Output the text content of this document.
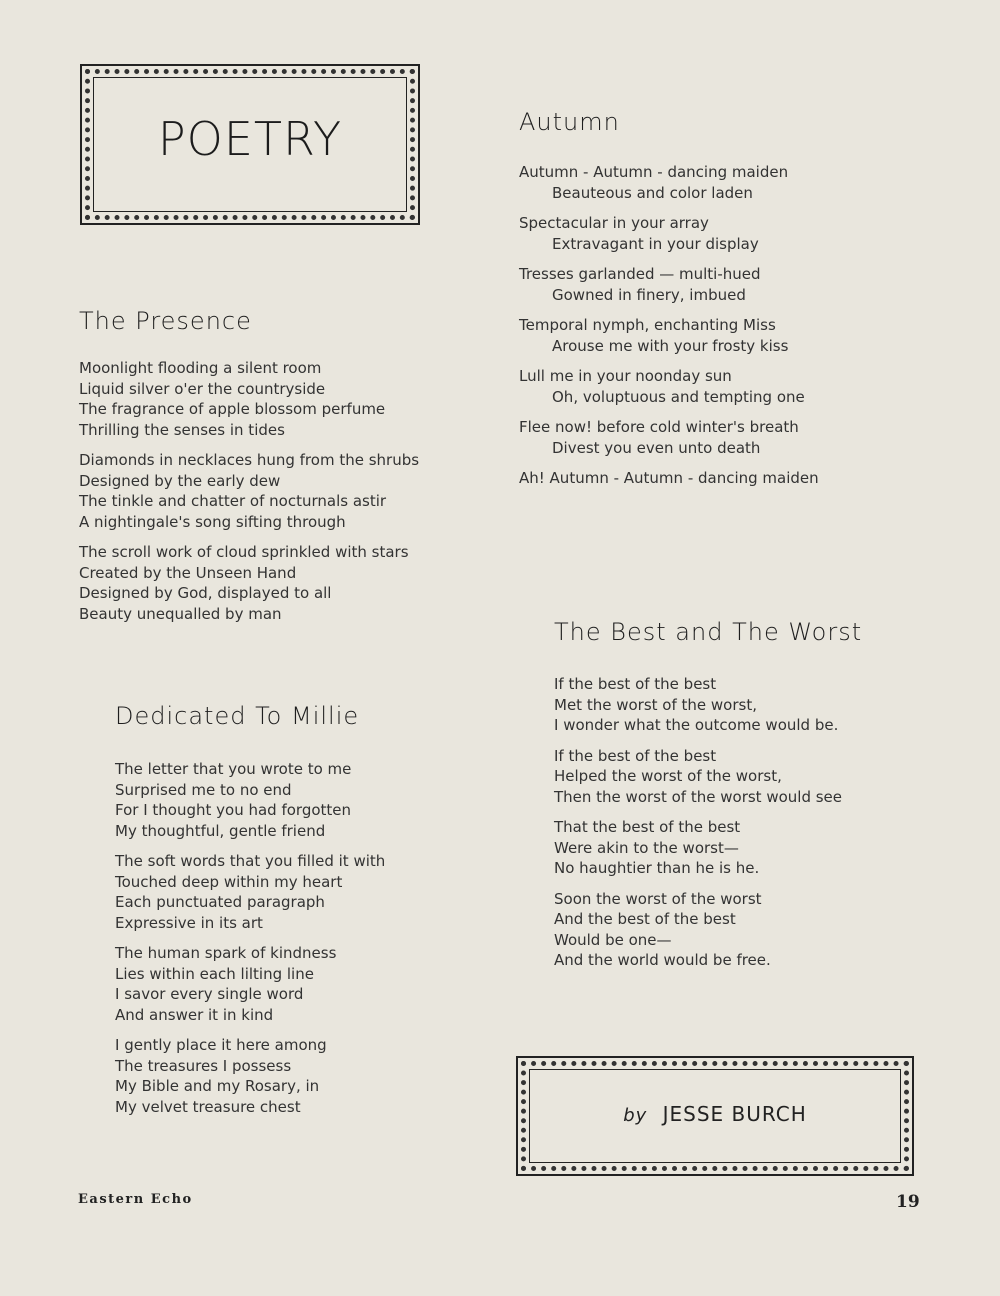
POETRY
The Presence
Moonlight flooding a silent room
Liquid silver o'er the countryside
The fragrance of apple blossom perfume
Thrilling the senses in tides
Diamonds in necklaces hung from the shrubs
Designed by the early dew
The tinkle and chatter of nocturnals astir
A nightingale's song sifting through
The scroll work of cloud sprinkled with stars
Created by the Unseen Hand
Designed by God, displayed to all
Beauty unequalled by man
Dedicated To Millie
The letter that you wrote to me
Surprised me to no end
For I thought you had forgotten
My thoughtful, gentle friend
The soft words that you filled it with
Touched deep within my heart
Each punctuated paragraph
Expressive in its art
The human spark of kindness
Lies within each lilting line
I savor every single word
And answer it in kind
I gently place it here among
The treasures I possess
My Bible and my Rosary, in
My velvet treasure chest
Autumn
Autumn - Autumn - dancing maiden
Beauteous and color laden
Spectacular in your array
Extravagant in your display
Tresses garlanded — multi-hued
Gowned in finery, imbued
Temporal nymph, enchanting Miss
Arouse me with your frosty kiss
Lull me in your noonday sun
Oh, voluptuous and tempting one
Flee now! before cold winter's breath
Divest you even unto death
Ah! Autumn - Autumn - dancing maiden
The Best and The Worst
If the best of the best
Met the worst of the worst,
I wonder what the outcome would be.
If the best of the best
Helped the worst of the worst,
Then the worst of the worst would see
That the best of the best
Were akin to the worst—
No haughtier than he is he.
Soon the worst of the worst
And the best of the best
Would be one—
And the world would be free.
by JESSE BURCH
Eastern Echo	19
